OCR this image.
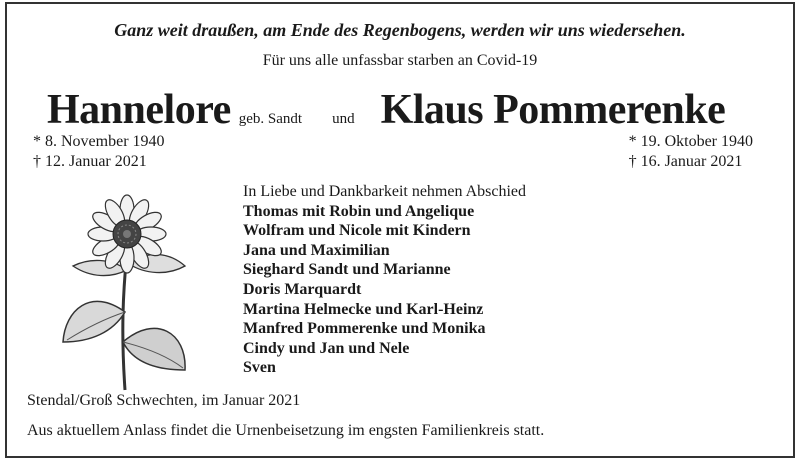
Ganz weit draußen, am Ende des Regenbogens, werden wir uns wiedersehen.
Für uns alle unfassbar starben an Covid-19
Hannelore geb. Sandt und Klaus Pommerenke
* 8. November 1940
† 12. Januar 2021
* 19. Oktober 1940
† 16. Januar 2021
In Liebe und Dankbarkeit nehmen Abschied
Thomas mit Robin und Angelique
Wolfram und Nicole mit Kindern
Jana und Maximilian
Sieghard Sandt und Marianne
Doris Marquardt
Martina Helmecke und Karl-Heinz
Manfred Pommerenke und Monika
Cindy und Jan und Nele
Sven
Stendal/Groß Schwechten, im Januar 2021
Aus aktuellem Anlass findet die Urnenbeisetzung im engsten Familienkreis statt.
